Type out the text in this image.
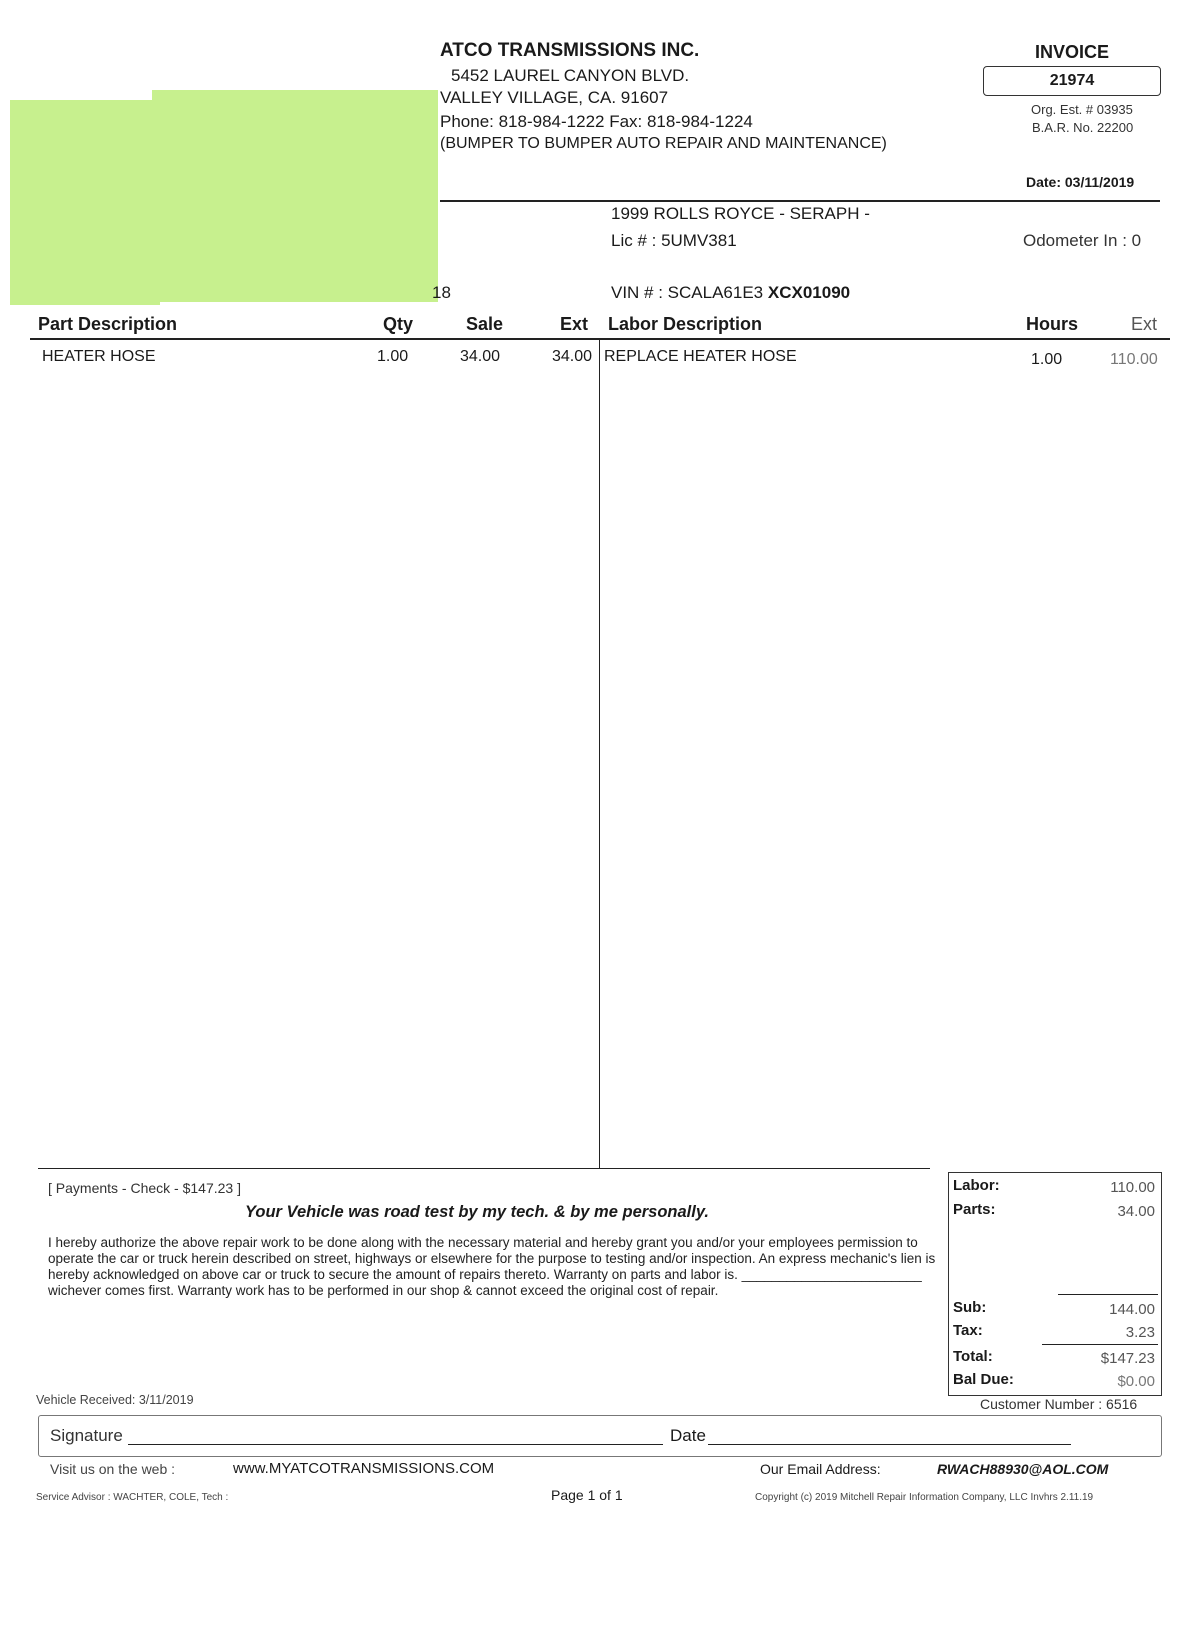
ATCO TRANSMISSIONS INC.
5452 LAUREL CANYON BLVD.
VALLEY VILLAGE, CA. 91607
Phone: 818-984-1222 Fax: 818-984-1224
(BUMPER TO BUMPER AUTO REPAIR AND MAINTENANCE)
INVOICE
21974
Org. Est. # 03935
B.A.R. No. 22200
Date: 03/11/2019
1999 ROLLS ROYCE - SERAPH -
Lic # : 5UMV381	Odometer In : 0
18	VIN # : SCALA61E3 XCX01090
Part Description	Qty	Sale	Ext Labor Description	Hours	Ext
HEATER HOSE	1.00	34.00	34.00 REPLACE HEATER HOSE	1.00	110.00
[ Payments - Check - $147.23 ]
Your Vehicle was road test by my tech. & by me personally.
I hereby authorize the above repair work to be done along with the necessary material and hereby grant you and/or your employees permission to operate the car or truck herein described on street, highways or elsewhere for the purpose to testing and/or inspection. An express mechanic's lien is hereby acknowledged on above car or truck to secure the amount of repairs thereto. Warranty on parts and labor is. ________________________ wichever comes first. Warranty work has to be performed in our shop & cannot exceed the original cost of repair.
Labor:	110.00
Parts:	34.00
Sub:	144.00
Tax:	3.23
Total:	$147.23
Bal Due:	$0.00
Customer Number : 6516
Vehicle Received: 3/11/2019
Signature	Date
Visit us on the web :	www.MYATCOTRANSMISSIONS.COM	Our Email Address:	RWACH88930@AOL.COM
Service Advisor : WACHTER, COLE, Tech :	Page 1 of 1	Copyright (c) 2019 Mitchell Repair Information Company, LLC Invhrs 2.11.19
